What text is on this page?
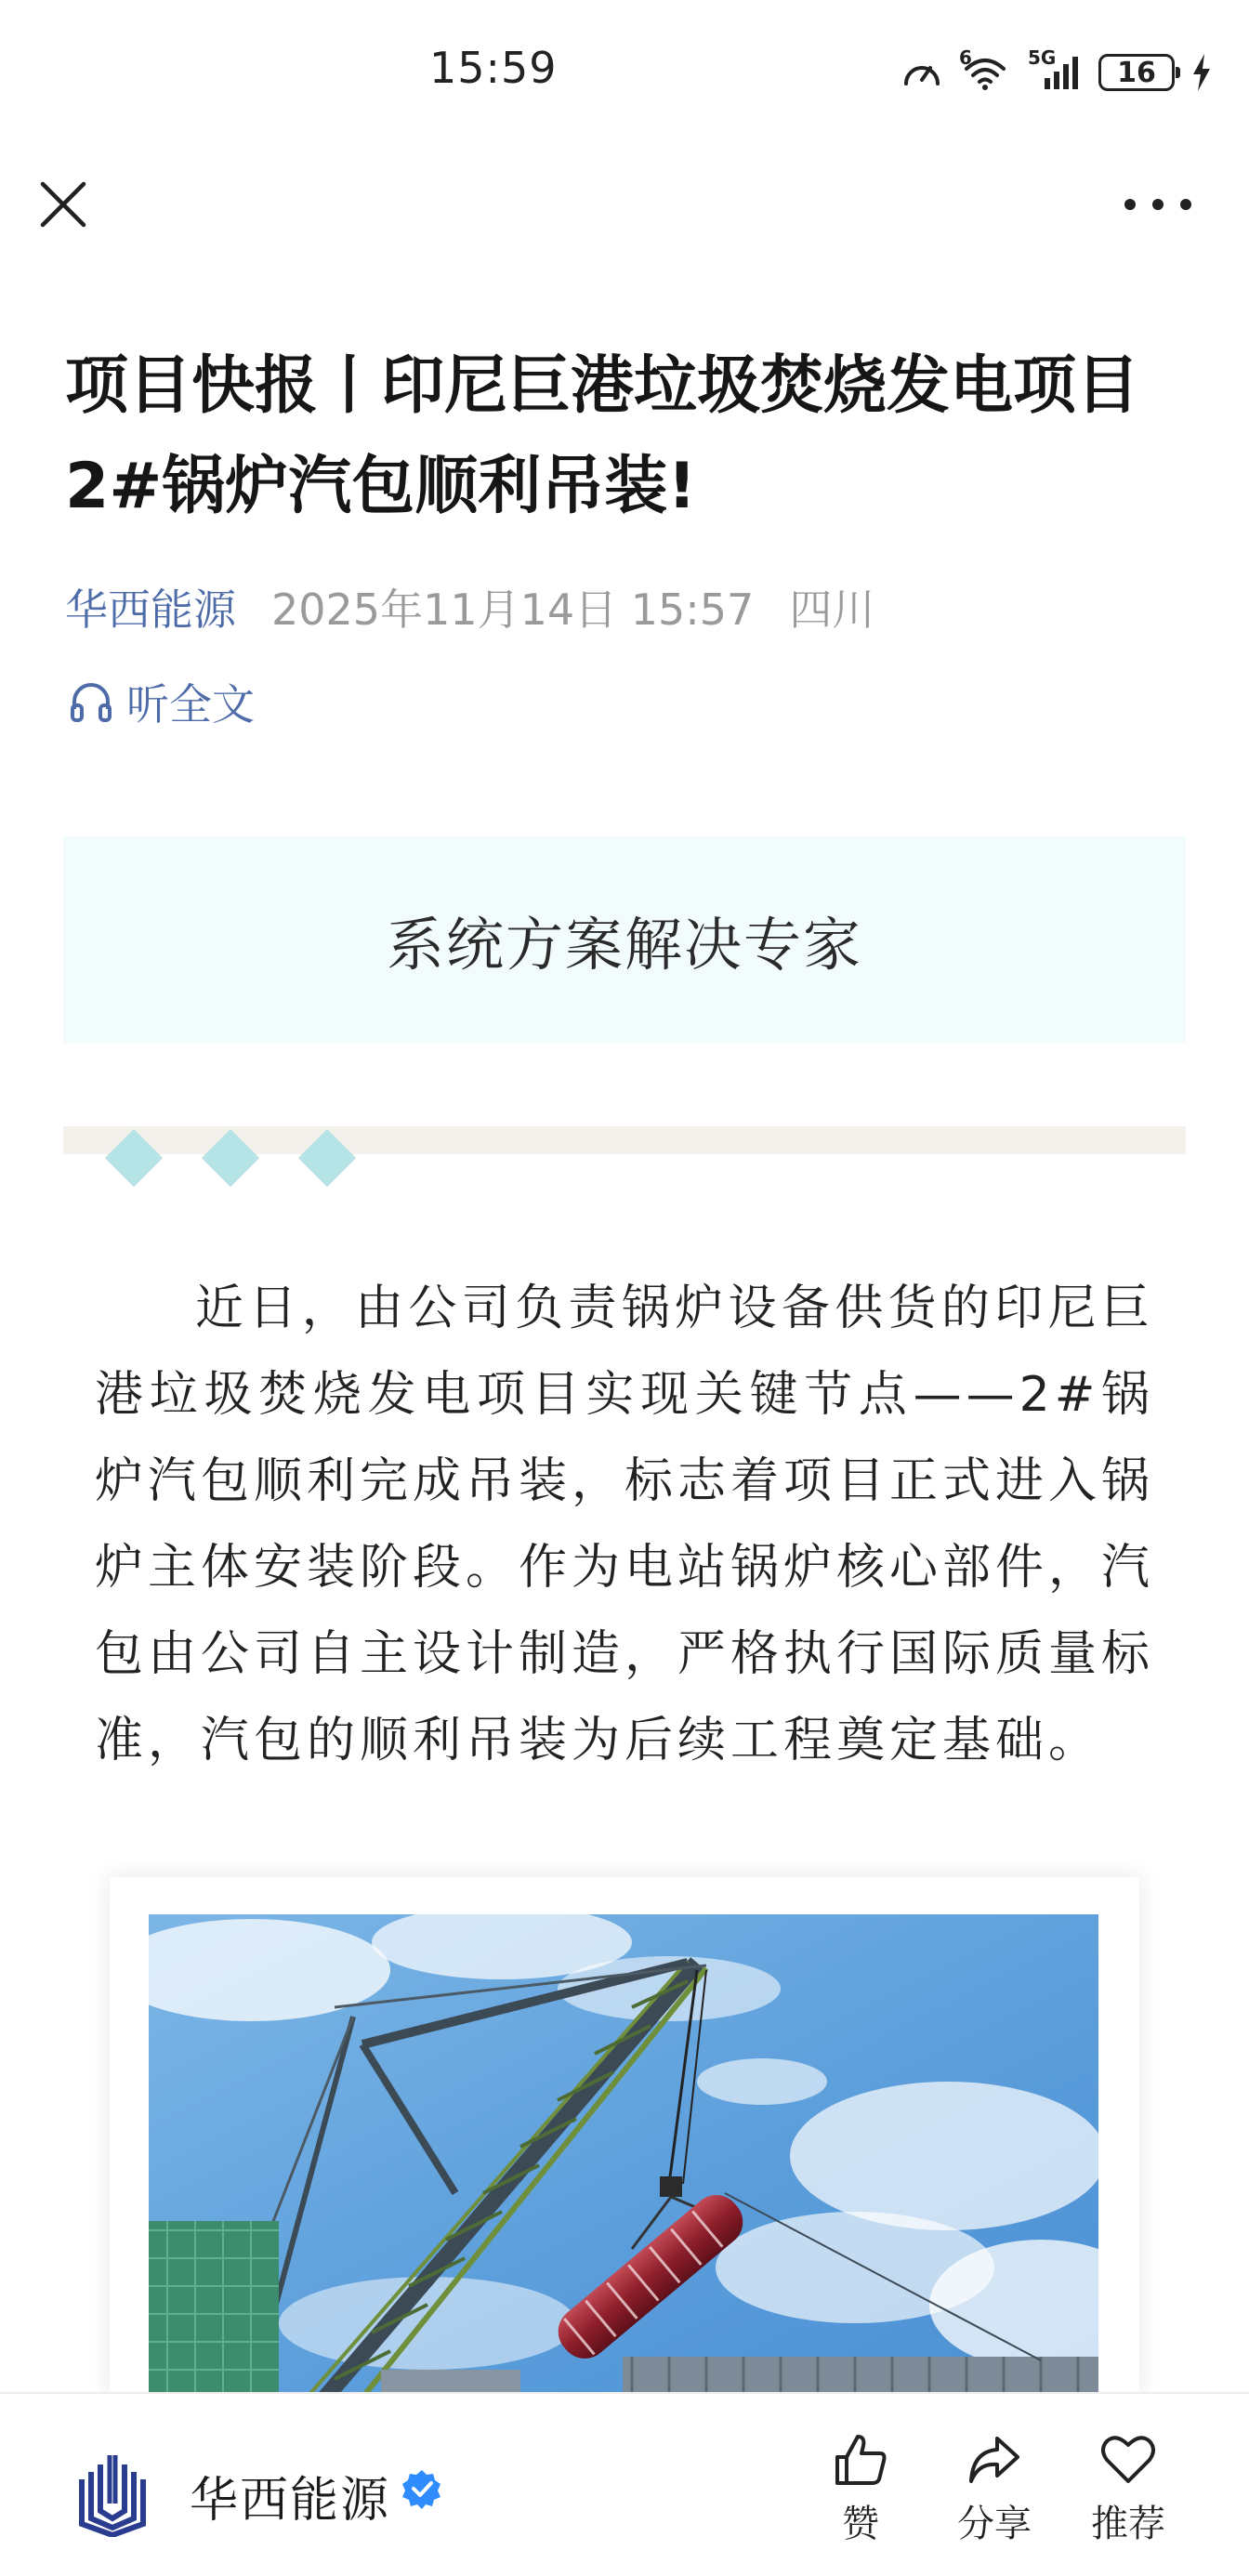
15:59	6	5G 16
项目快报丨印尼巨港垃圾焚烧发电项目2#锅炉汽包顺利吊装!
华西能源 2025年11月14日 15:57 四川
听全文
系统方案解决专家

近日，由公司负责锅炉设备供货的印尼巨港垃圾焚烧发电项目实现关键节点——2#锅炉汽包顺利完成吊装，标志着项目正式进入锅炉主体安装阶段。作为电站锅炉核心部件，汽包由公司自主设计制造，严格执行国际质量标准，汽包的顺利吊装为后续工程奠定基础。

华西能源	赞	分享	推荐
